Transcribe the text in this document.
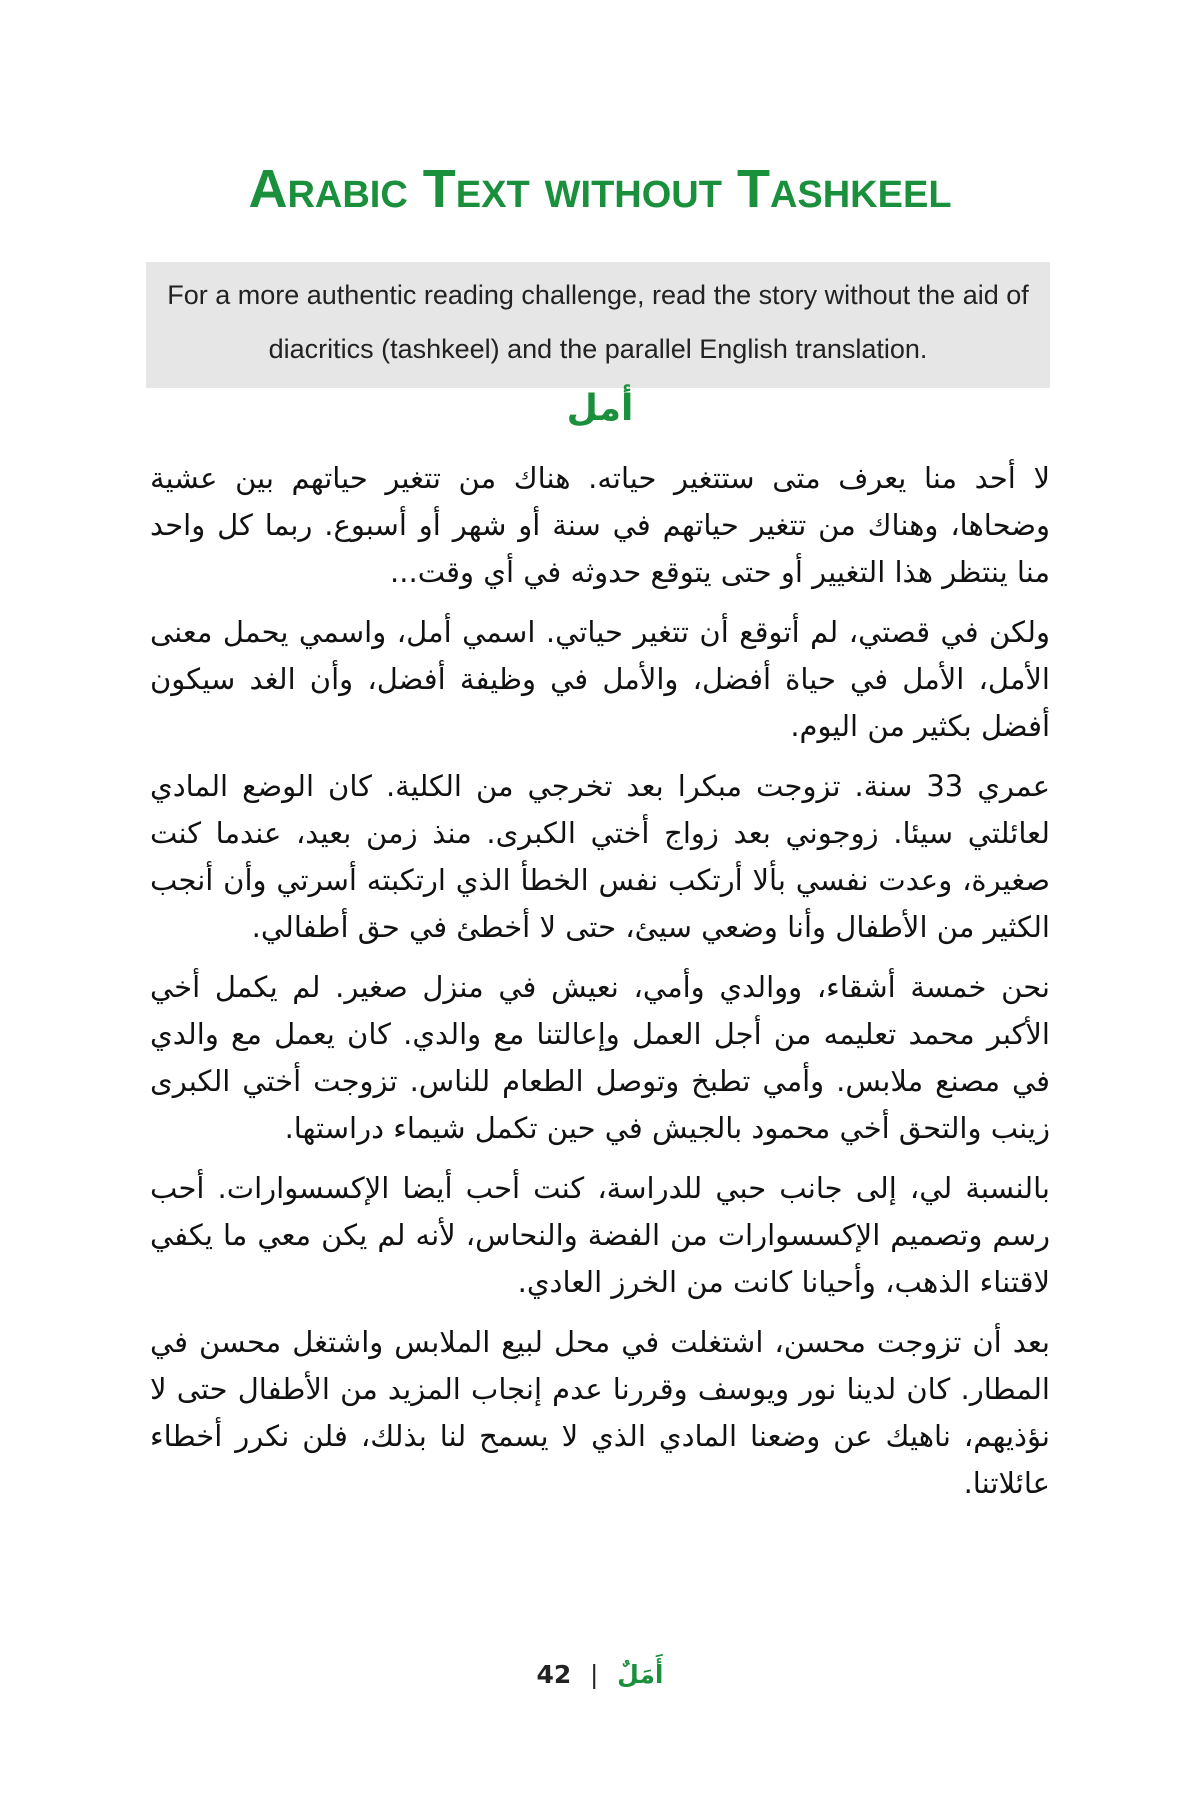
Arabic Text without Tashkeel
For a more authentic reading challenge, read the story without the aid of diacritics (tashkeel) and the parallel English translation.
أمل

لا أحد منا يعرف متى ستتغير حياته. هناك من تتغير حياتهم بين عشية وضحاها، وهناك من تتغير حياتهم في سنة أو شهر أو أسبوع. ربما كل واحد منا ينتظر هذا التغيير أو حتى يتوقع حدوثه في أي وقت...

ولكن في قصتي، لم أتوقع أن تتغير حياتي. اسمي أمل، واسمي يحمل معنى الأمل، الأمل في حياة أفضل، والأمل في وظيفة أفضل، وأن الغد سيكون أفضل بكثير من اليوم.

عمري 33 سنة. تزوجت مبكرا بعد تخرجي من الكلية. كان الوضع المادي لعائلتي سيئا. زوجوني بعد زواج أختي الكبرى. منذ زمن بعيد، عندما كنت صغيرة، وعدت نفسي بألا أرتكب نفس الخطأ الذي ارتكبته أسرتي وأن أنجب الكثير من الأطفال وأنا وضعي سيئ، حتى لا أخطئ في حق أطفالي.

نحن خمسة أشقاء، ووالدي وأمي، نعيش في منزل صغير. لم يكمل أخي الأكبر محمد تعليمه من أجل العمل وإعالتنا مع والدي. كان يعمل مع والدي في مصنع ملابس. وأمي تطبخ وتوصل الطعام للناس. تزوجت أختي الكبرى زينب والتحق أخي محمود بالجيش في حين تكمل شيماء دراستها.

بالنسبة لي، إلى جانب حبي للدراسة، كنت أحب أيضا الإكسسوارات. أحب رسم وتصميم الإكسسوارات من الفضة والنحاس، لأنه لم يكن معي ما يكفي لاقتناء الذهب، وأحيانا كانت من الخرز العادي.

بعد أن تزوجت محسن، اشتغلت في محل لبيع الملابس واشتغل محسن في المطار. كان لدينا نور ويوسف وقررنا عدم إنجاب المزيد من الأطفال حتى لا نؤذيهم، ناهيك عن وضعنا المادي الذي لا يسمح لنا بذلك، فلن نكرر أخطاء عائلاتنا.

42 | أَمَلٌ
